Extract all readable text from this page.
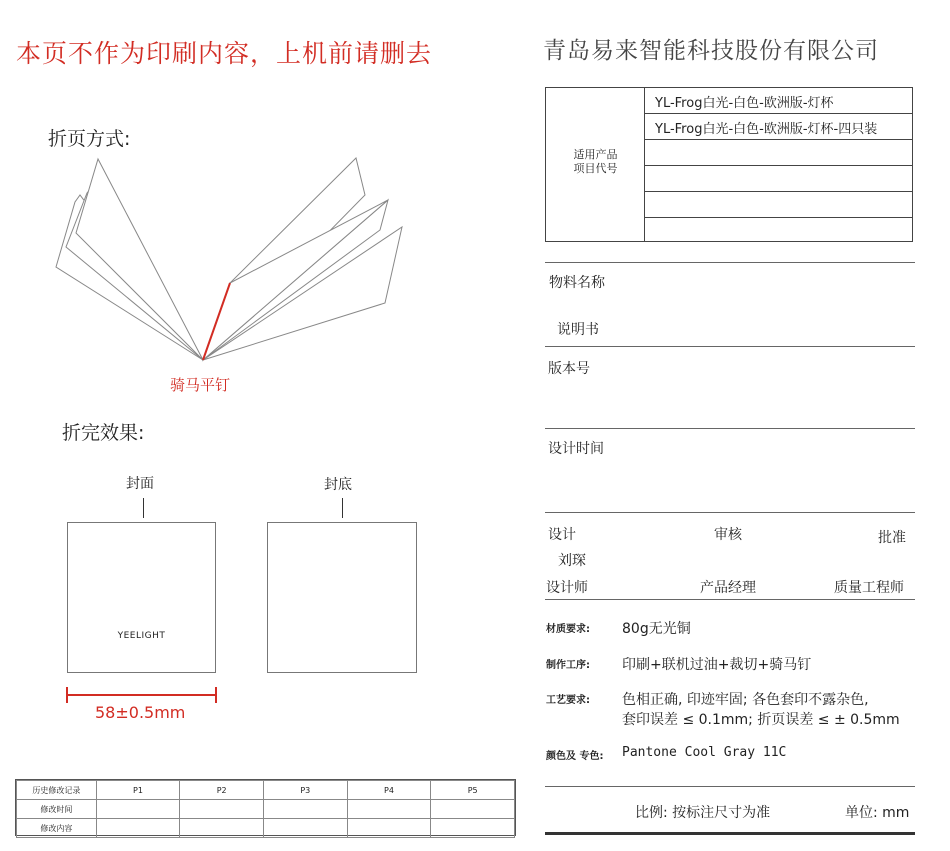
本页不作为印刷内容，上机前请删去
折页方式:
骑马平钉
折完效果:
封面
YEELIGHT
封底
58±0.5mm
历史修改记录	P1	P2	P3	P4	P5
修改时间					
修改内容					
青岛易来智能科技股份有限公司
适用产品
项目代号
YL-Frog白光-白色-欧洲版-灯杯
YL-Frog白光-白色-欧洲版-灯杯-四只装
物料名称
说明书
版本号
设计时间
设计	审核	批准
刘琛
设计师	产品经理	质量工程师
材质要求: 80g无光铜
制作工序: 印刷+联机过油+裁切+骑马钉
工艺要求: 色相正确, 印迹牢固; 各色套印不露杂色,
套印误差 ≤ 0.1mm; 折页误差 ≤ ± 0.5mm
颜色及 专色: Pantone Cool Gray 11C
比例: 按标注尺寸为准	单位: mm
